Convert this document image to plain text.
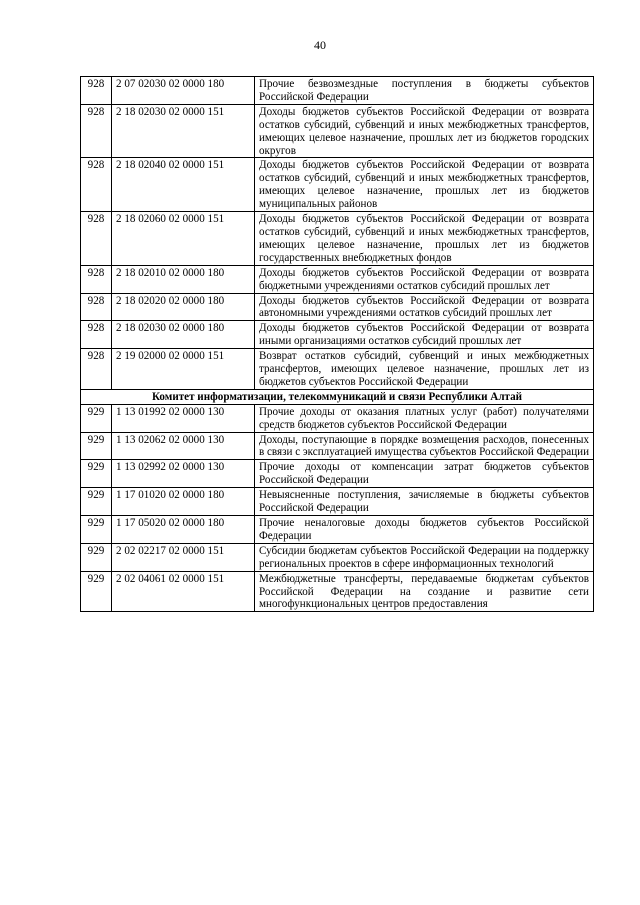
40
928	2 07 02030 02 0000 180	Прочие безвозмездные поступления в бюджеты субъектов Российской Федерации
928	2 18 02030 02 0000 151	Доходы бюджетов субъектов Российской Федерации от возврата остатков субсидий, субвенций и иных межбюджетных трансфертов, имеющих целевое назначение, прошлых лет из бюджетов городских округов
928	2 18 02040 02 0000 151	Доходы бюджетов субъектов Российской Федерации от возврата остатков субсидий, субвенций и иных межбюджетных трансфертов, имеющих целевое назначение, прошлых лет из бюджетов муниципальных районов
928	2 18 02060 02 0000 151	Доходы бюджетов субъектов Российской Федерации от возврата остатков субсидий, субвенций и иных межбюджетных трансфертов, имеющих целевое назначение, прошлых лет из бюджетов государственных внебюджетных фондов
928	2 18 02010 02 0000 180	Доходы бюджетов субъектов Российской Федерации от возврата бюджетными учреждениями остатков субсидий прошлых лет
928	2 18 02020 02 0000 180	Доходы бюджетов субъектов Российской Федерации от возврата автономными учреждениями остатков субсидий прошлых лет
928	2 18 02030 02 0000 180	Доходы бюджетов субъектов Российской Федерации от возврата иными организациями остатков субсидий прошлых лет
928	2 19 02000 02 0000 151	Возврат остатков субсидий, субвенций и иных межбюджетных трансфертов, имеющих целевое назначение, прошлых лет из бюджетов субъектов Российской Федерации
Комитет информатизации, телекоммуникаций и связи Республики Алтай		
929	1 13 01992 02 0000 130	Прочие доходы от оказания платных услуг (работ) получателями средств бюджетов субъектов Российской Федерации
929	1 13 02062 02 0000 130	Доходы, поступающие в порядке возмещения расходов, понесенных в связи с эксплуатацией имущества субъектов Российской Федерации
929	1 13 02992 02 0000 130	Прочие доходы от компенсации затрат бюджетов субъектов Российской Федерации
929	1 17 01020 02 0000 180	Невыясненные поступления, зачисляемые в бюджеты субъектов Российской Федерации
929	1 17 05020 02 0000 180	Прочие неналоговые доходы бюджетов субъектов Российской Федерации
929	2 02 02217 02 0000 151	Субсидии бюджетам субъектов Российской Федерации на поддержку региональных проектов в сфере информационных технологий
929	2 02 04061 02 0000 151	Межбюджетные трансферты, передаваемые бюджетам субъектов Российской Федерации на создание и развитие сети многофункциональных центров предоставления
